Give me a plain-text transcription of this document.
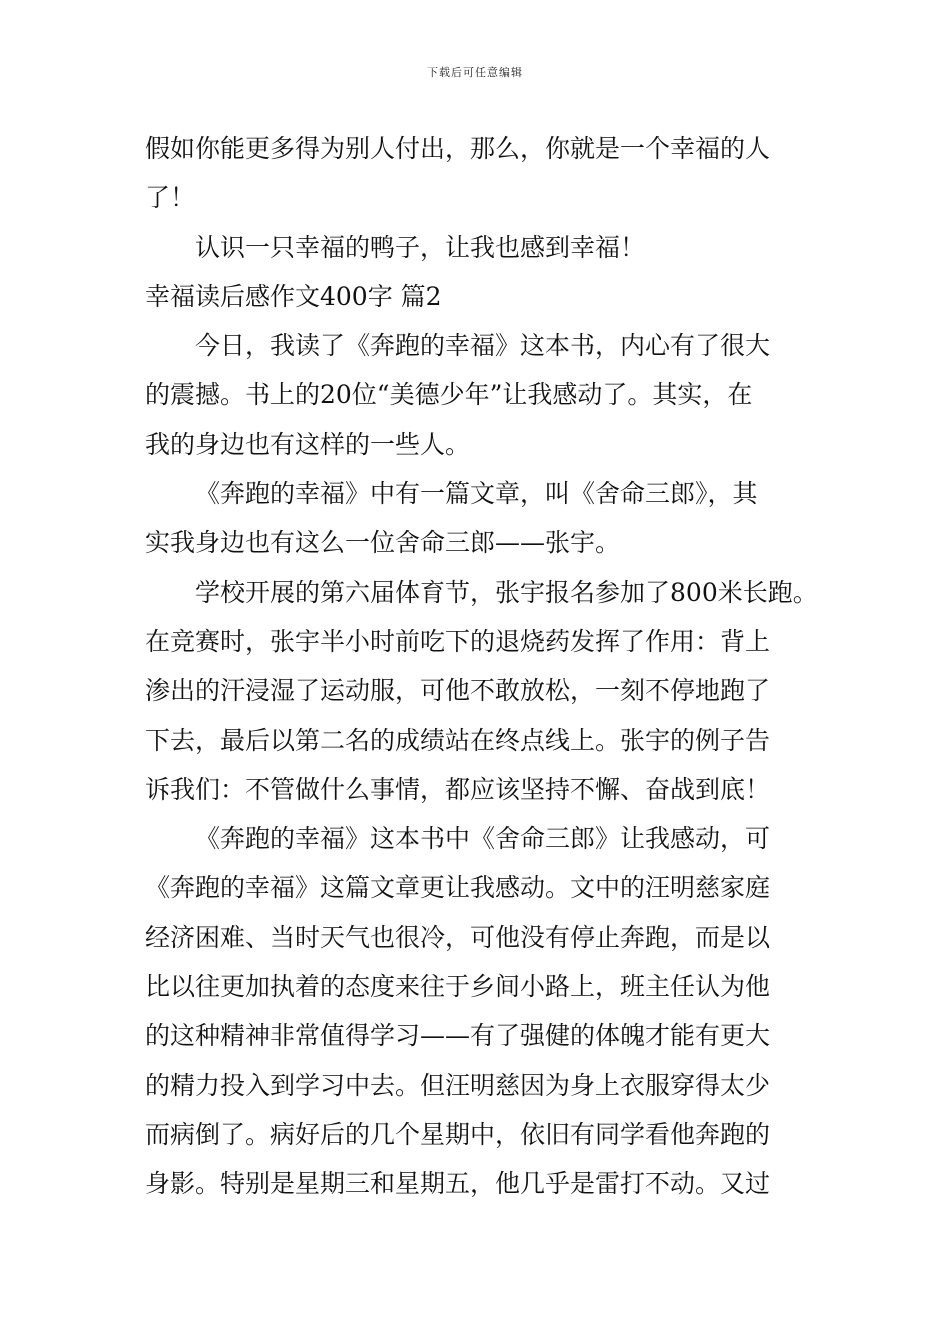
下载后可任意编辑
假如你能更多得为别人付出，那么，你就是一个幸福的人
了！
认识一只幸福的鸭子，让我也感到幸福！
幸福读后感作文400字 篇2
今日，我读了《奔跑的幸福》这本书，内心有了很大
的震撼。书上的20位“美德少年”让我感动了。其实，在
我的身边也有这样的一些人。
《奔跑的幸福》中有一篇文章，叫《舍命三郎》，其
实我身边也有这么一位舍命三郎——张宇。
学校开展的第六届体育节，张宇报名参加了800米长跑。
在竞赛时，张宇半小时前吃下的退烧药发挥了作用：背上
渗出的汗浸湿了运动服，可他不敢放松，一刻不停地跑了
下去，最后以第二名的成绩站在终点线上。张宇的例子告
诉我们：不管做什么事情，都应该坚持不懈、奋战到底！
《奔跑的幸福》这本书中《舍命三郎》让我感动，可
《奔跑的幸福》这篇文章更让我感动。文中的汪明慈家庭
经济困难、当时天气也很冷，可他没有停止奔跑，而是以
比以往更加执着的态度来往于乡间小路上，班主任认为他
的这种精神非常值得学习——有了强健的体魄才能有更大
的精力投入到学习中去。但汪明慈因为身上衣服穿得太少
而病倒了。病好后的几个星期中，依旧有同学看他奔跑的
身影。特别是星期三和星期五，他几乎是雷打不动。又过
